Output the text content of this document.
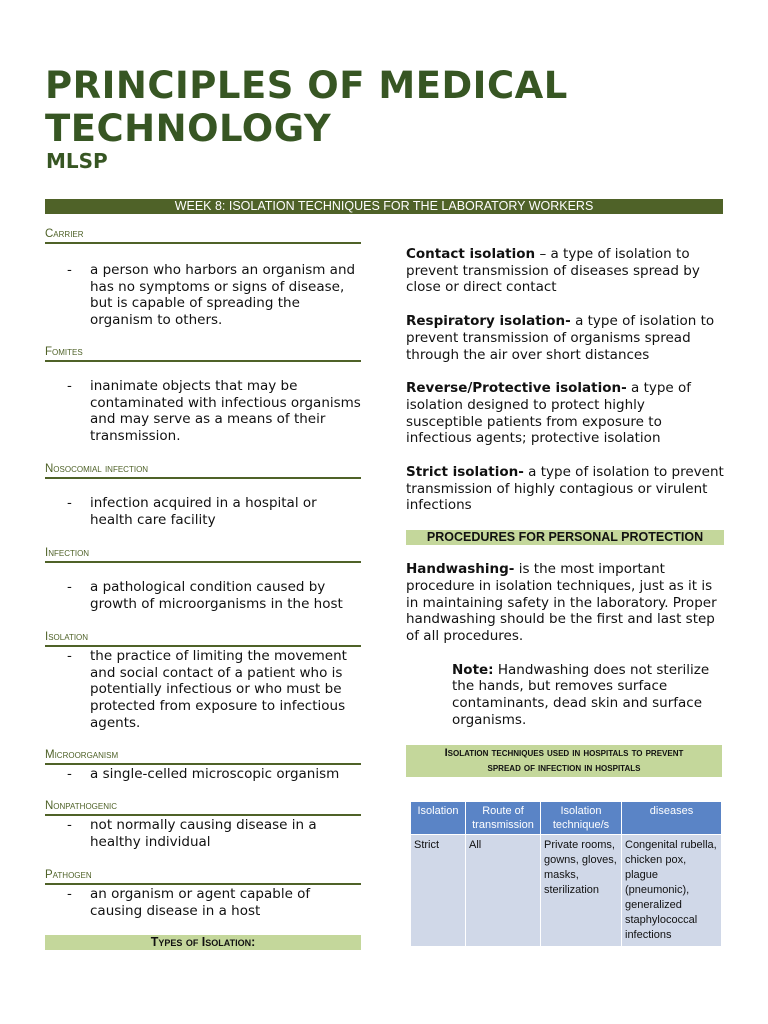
PRINCIPLES OF MEDICAL
TECHNOLOGY
MLSP
WEEK 8: ISOLATION TECHNIQUES FOR THE LABORATORY WORKERS

Carrier

-	a person who harbors an organism and has no symptoms or signs of disease, but is capable of spreading the organism to others.

Fomites

-	inanimate objects that may be contaminated with infectious organisms and may serve as a means of their transmission.

Nosocomial infection

-	infection acquired in a hospital or health care facility

Infection

-	a pathological condition caused by growth of microorganisms in the host

Isolation

-	the practice of limiting the movement and social contact of a patient who is potentially infectious or who must be protected from exposure to infectious agents.

Microorganism

-	a single-celled microscopic organism

Nonpathogenic

-	not normally causing disease in a healthy individual

Pathogen

-	an organism or agent capable of causing disease in a host
Types of Isolation:

Contact isolation – a type of isolation to prevent transmission of diseases spread by close or direct contact

Respiratory isolation- a type of isolation to prevent transmission of organisms spread through the air over short distances

Reverse/Protective isolation- a type of isolation designed to protect highly susceptible patients from exposure to infectious agents; protective isolation

Strict isolation- a type of isolation to prevent transmission of highly contagious or virulent infections

PROCEDURES FOR PERSONAL PROTECTION

Handwashing- is the most important procedure in isolation techniques, just as it is in maintaining safety in the laboratory. Proper handwashing should be the first and last step of all procedures.

Note: Handwashing does not sterilize the hands, but removes surface contaminants, dead skin and surface organisms.

Isolation techniques used in hospitals to prevent
spread of infection in hospitals
Isolation	Route of transmission	Isolation technique/s	diseases
Strict	All	Private rooms, gowns, gloves, masks, sterilization	Congenital rubella, chicken pox, plague (pneumonic), generalized staphylococcal infections
